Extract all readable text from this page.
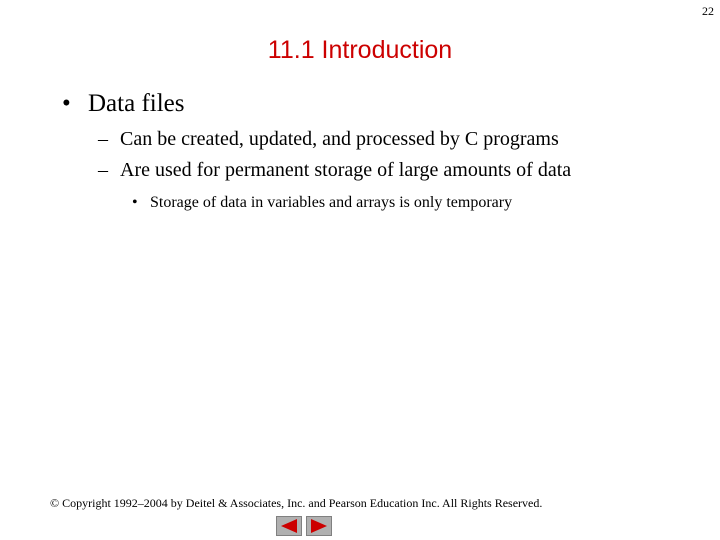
22
11.1 Introduction
• Data files
– Can be created, updated, and processed by C programs
– Are used for permanent storage of large amounts of data
• Storage of data in variables and arrays is only temporary
© Copyright 1992–2004 by Deitel & Associates, Inc. and Pearson Education Inc. All Rights Reserved.
